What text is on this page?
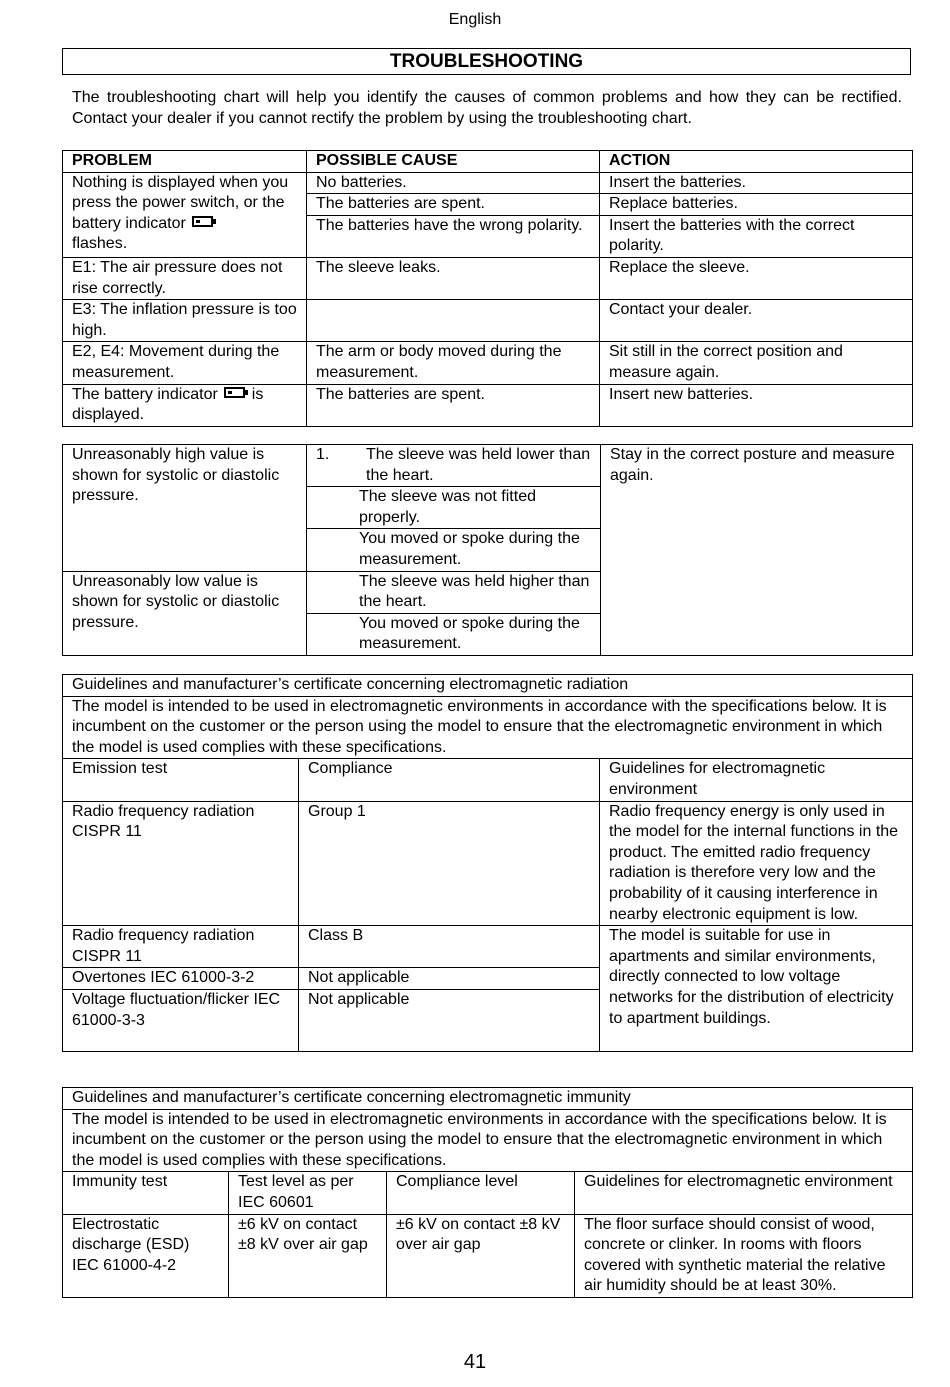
English
TROUBLESHOOTING
The troubleshooting chart will help you identify the causes of common problems and how they can be rectified. Contact your dealer if you cannot rectify the problem by using the troubleshooting chart.
PROBLEM	POSSIBLE CAUSE	ACTION
Nothing is displayed when you press the power switch, or the battery indicator
flashes.	No batteries.	Insert the batteries.
	The batteries are spent.	Replace batteries.
	The batteries have the wrong polarity.	Insert the batteries with the correct polarity.
E1: The air pressure does not rise correctly.	The sleeve leaks.	Replace the sleeve.
E3: The inflation pressure is too high.		Contact your dealer.
E2, E4: Movement during the measurement.	The arm or body moved during the measurement.	Sit still in the correct position and measure again.
The battery indicator is displayed.	The batteries are spent.	Insert new batteries.
Unreasonably high value is shown for systolic or diastolic pressure.	1. The sleeve was held lower than the heart.	Stay in the correct posture and measure again.
	The sleeve was not fitted properly.	
	You moved or spoke during the measurement.	
Unreasonably low value is shown for systolic or diastolic pressure.	The sleeve was held higher than the heart.	
	You moved or spoke during the measurement.	
Guidelines and manufacturer’s certificate concerning electromagnetic radiation		
The model is intended to be used in electromagnetic environments in accordance with the specifications below. It is incumbent on the customer or the person using the model to ensure that the electromagnetic environment in which the model is used complies with these specifications.		
Emission test	Compliance	Guidelines for electromagnetic environment
Radio frequency radiation CISPR 11	Group 1	Radio frequency energy is only used in the model for the internal functions in the product. The emitted radio frequency radiation is therefore very low and the probability of it causing interference in nearby electronic equipment is low.
Radio frequency radiation CISPR 11	Class B	The model is suitable for use in apartments and similar environments, directly connected to low voltage networks for the distribution of electricity to apartment buildings.
Overtones IEC 61000-3-2	Not applicable	
Voltage fluctuation/flicker IEC 61000-3-3	Not applicable	
Guidelines and manufacturer’s certificate concerning electromagnetic immunity			
The model is intended to be used in electromagnetic environments in accordance with the specifications below. It is incumbent on the customer or the person using the model to ensure that the electromagnetic environment in which the model is used complies with these specifications.			
Immunity test	Test level as per IEC 60601	Compliance level	Guidelines for electromagnetic environment
Electrostatic discharge (ESD) IEC 61000-4-2	±6 kV on contact ±8 kV over air gap	±6 kV on contact ±8 kV over air gap	The floor surface should consist of wood, concrete or clinker. In rooms with floors covered with synthetic material the relative air humidity should be at least 30%.
41
